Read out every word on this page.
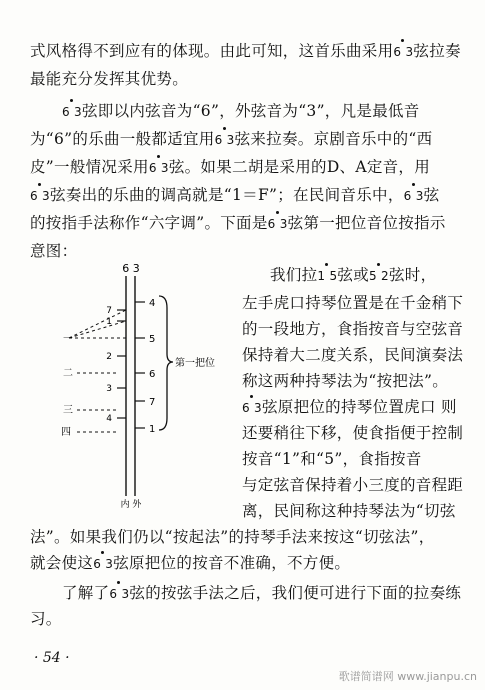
式风格得不到应有的体现。由此可知，这首乐曲采用6 3弦拉奏
最能充分发挥其优势。
6 3弦即以内弦音为“6”，外弦音为“3”，凡是最低音
为“6”的乐曲一般都适宜用6 3弦来拉奏。京剧音乐中的“西
皮”一般情况采用6 3弦。如果二胡是采用的D、A定音，用
6 3弦奏出的乐曲的调高就是“1＝F”；在民间音乐中，6 3弦
的按指手法称作“六字调”。下面是6 3弦第一把位音位按指示
意图：
6 3
4
5
6
7
1
7
1
2
3
4
一
二
三
四
第一把位
内 外
我们拉1 5弦或5 2弦时，
左手虎口持琴位置是在千金稍下
的一段地方，食指按音与空弦音
保持着大二度关系，民间演奏法
称这两种持琴法为“按把法”。
6 3弦原把位的持琴位置虎口 则
还要稍往下移，使食指便于控制
按音“1”和“5”，食指按音
与定弦音保持着小三度的音程距
离，民间称这种持琴法为“切弦
法”。如果我们仍以“按起法”的持琴手法来按这“切弦法”，
就会使这6 3弦原把位的按音不准确，不方便。
了解了6 3弦的按弦手法之后，我们便可进行下面的拉奏练
习。
· 54 ·
歌谱简谱网 www.jianpu.cn
